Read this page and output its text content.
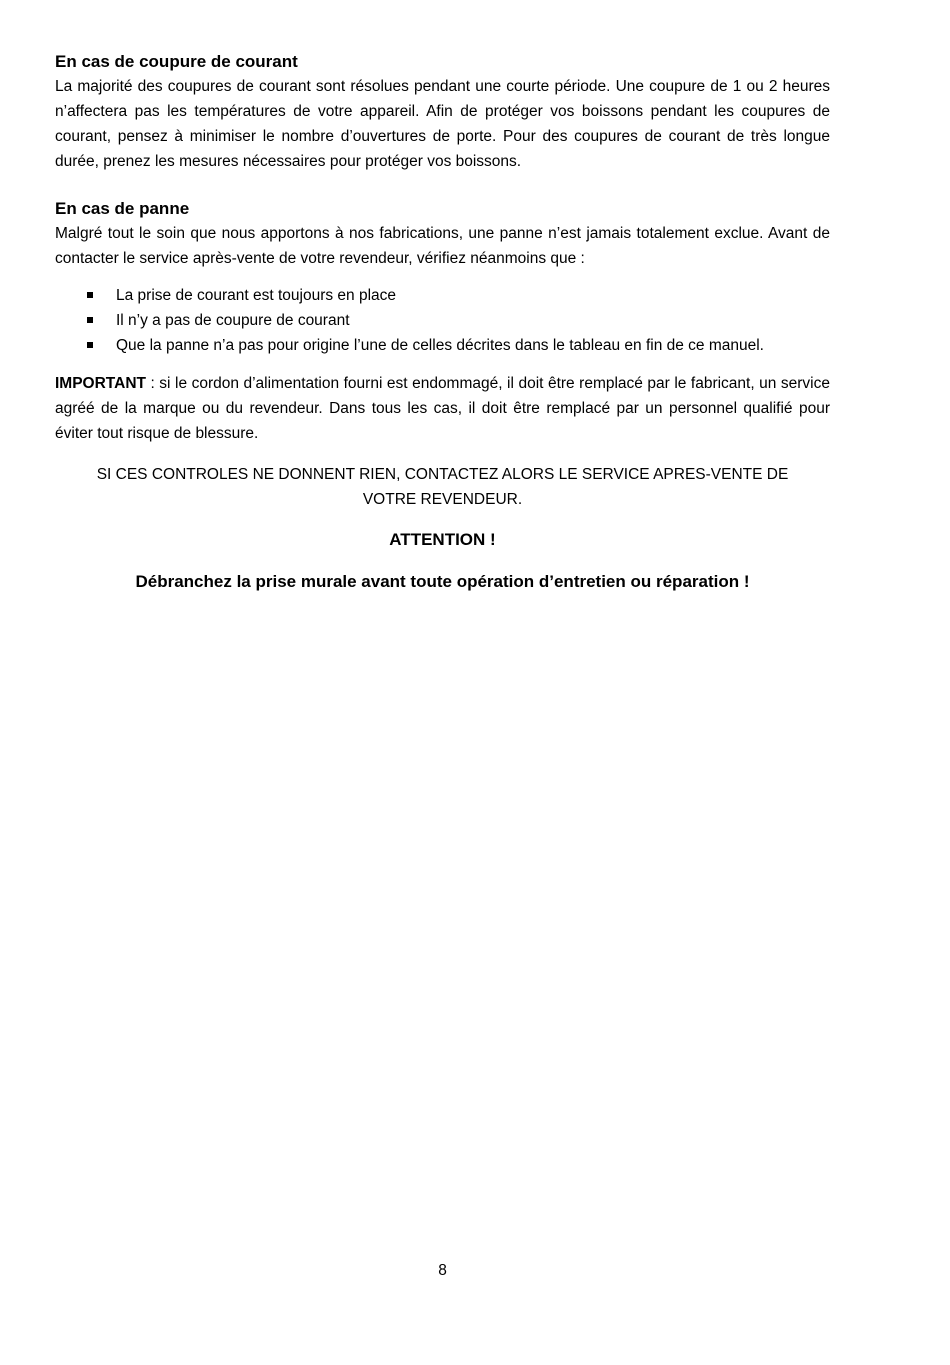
En cas de coupure de courant

La majorité des coupures de courant sont résolues pendant une courte période. Une coupure de 1 ou 2 heures n’affectera pas les températures de votre appareil. Afin de protéger vos boissons pendant les coupures de courant, pensez à minimiser le nombre d’ouvertures de porte. Pour des coupures de courant de très longue durée, prenez les mesures nécessaires pour protéger vos boissons.

En cas de panne

Malgré tout le soin que nous apportons à nos fabrications, une panne n’est jamais totalement exclue. Avant de contacter le service après-vente de votre revendeur, vérifiez néanmoins que :

La prise de courant est toujours en place
Il n’y a pas de coupure de courant
Que la panne n’a pas pour origine l’une de celles décrites dans le tableau en fin de ce manuel.

IMPORTANT : si le cordon d’alimentation fourni est endommagé, il doit être remplacé par le fabricant, un service agréé de la marque ou du revendeur. Dans tous les cas, il doit être remplacé par un personnel qualifié pour éviter tout risque de blessure.

SI CES CONTROLES NE DONNENT RIEN, CONTACTEZ ALORS LE SERVICE APRES-VENTE DE VOTRE REVENDEUR.

ATTENTION !

Débranchez la prise murale avant toute opération d’entretien ou réparation !

8
